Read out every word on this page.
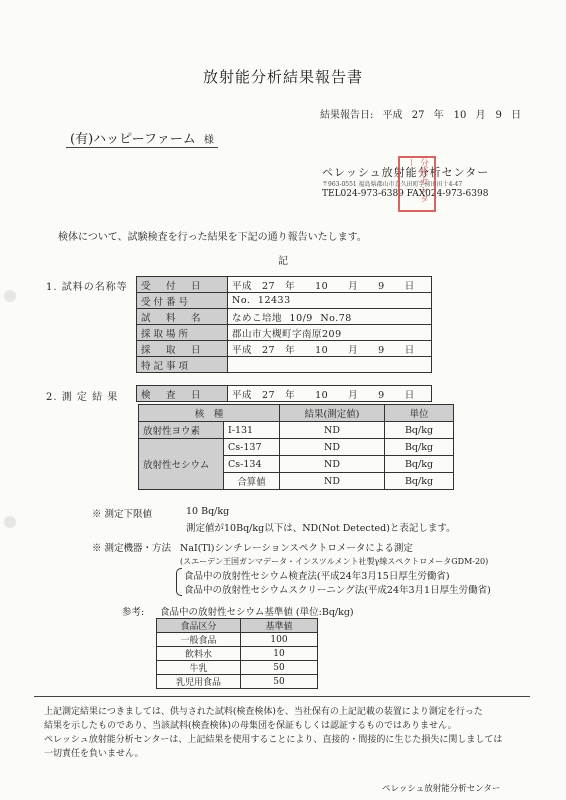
放射能分析結果報告書
結果報告日: 平成 27 年　10 月　9 日
(有)ハッピーファーム 様
ペレッシュ放射能分析センター
〒963-0551 福島県郡山市喜久田町字前田田十4-47
TEL024-973-6389 FAX024-973-6398
分析センター
検体について、試験検査を行った結果を下記の通り報告いたします。
記
1. 試料の名称等 受　付　日	平成　27　年　　10　　月　　9　　日
受付番号	No. 12433
試　料　名	なめこ培地 10/9 No.78
採取場所	郡山市大槻町字南原209
採　取　日	平成　27　年　　10　　月　　9　　日
特記事項	
2. 測 定 結 果 検　査　日	平成　27　年　　10　　月　　9　　日
核　種		結果(測定値)	単位
放射性ヨウ素	I-131	ND	Bq/kg
放射性セシウム	Cs-137	ND	Bq/kg
	Cs-134	ND	Bq/kg
	合算値	ND	Bq/kg
※ 測定下限値	10 Bq/kg
測定値が10Bq/kg以下は、ND(Not Detected)と表記します。
※ 測定機器・方法 NaI(Tl)シンチレーションスペクトロメータによる測定
(スエーデン王国ガンマデータ・インスツルメント社製γ線スペクトロメータGDM-20)
食品中の放射性セシウム検査法(平成24年3月15日厚生労働省)
食品中の放射性セシウムスクリーニング法(平成24年3月1日厚生労働省)
参考: 食品中の放射性セシウム基準値 (単位:Bq/kg)
食品区分	基準値
一般食品	100
飲料水	10
牛乳	50
乳児用食品	50
上記測定結果につきましては、供与された試料(検査検体)を、当社保有の上記記載の装置により測定を行った
結果を示したものであり、当該試料(検査検体)の母集団を保証もしくは認証するものではありません。
ペレッシュ放射能分析センターは、上記結果を使用することにより、直接的・間接的に生じた損失に関しましては
一切責任を負いません。
ペレッシュ放射能分析センター
